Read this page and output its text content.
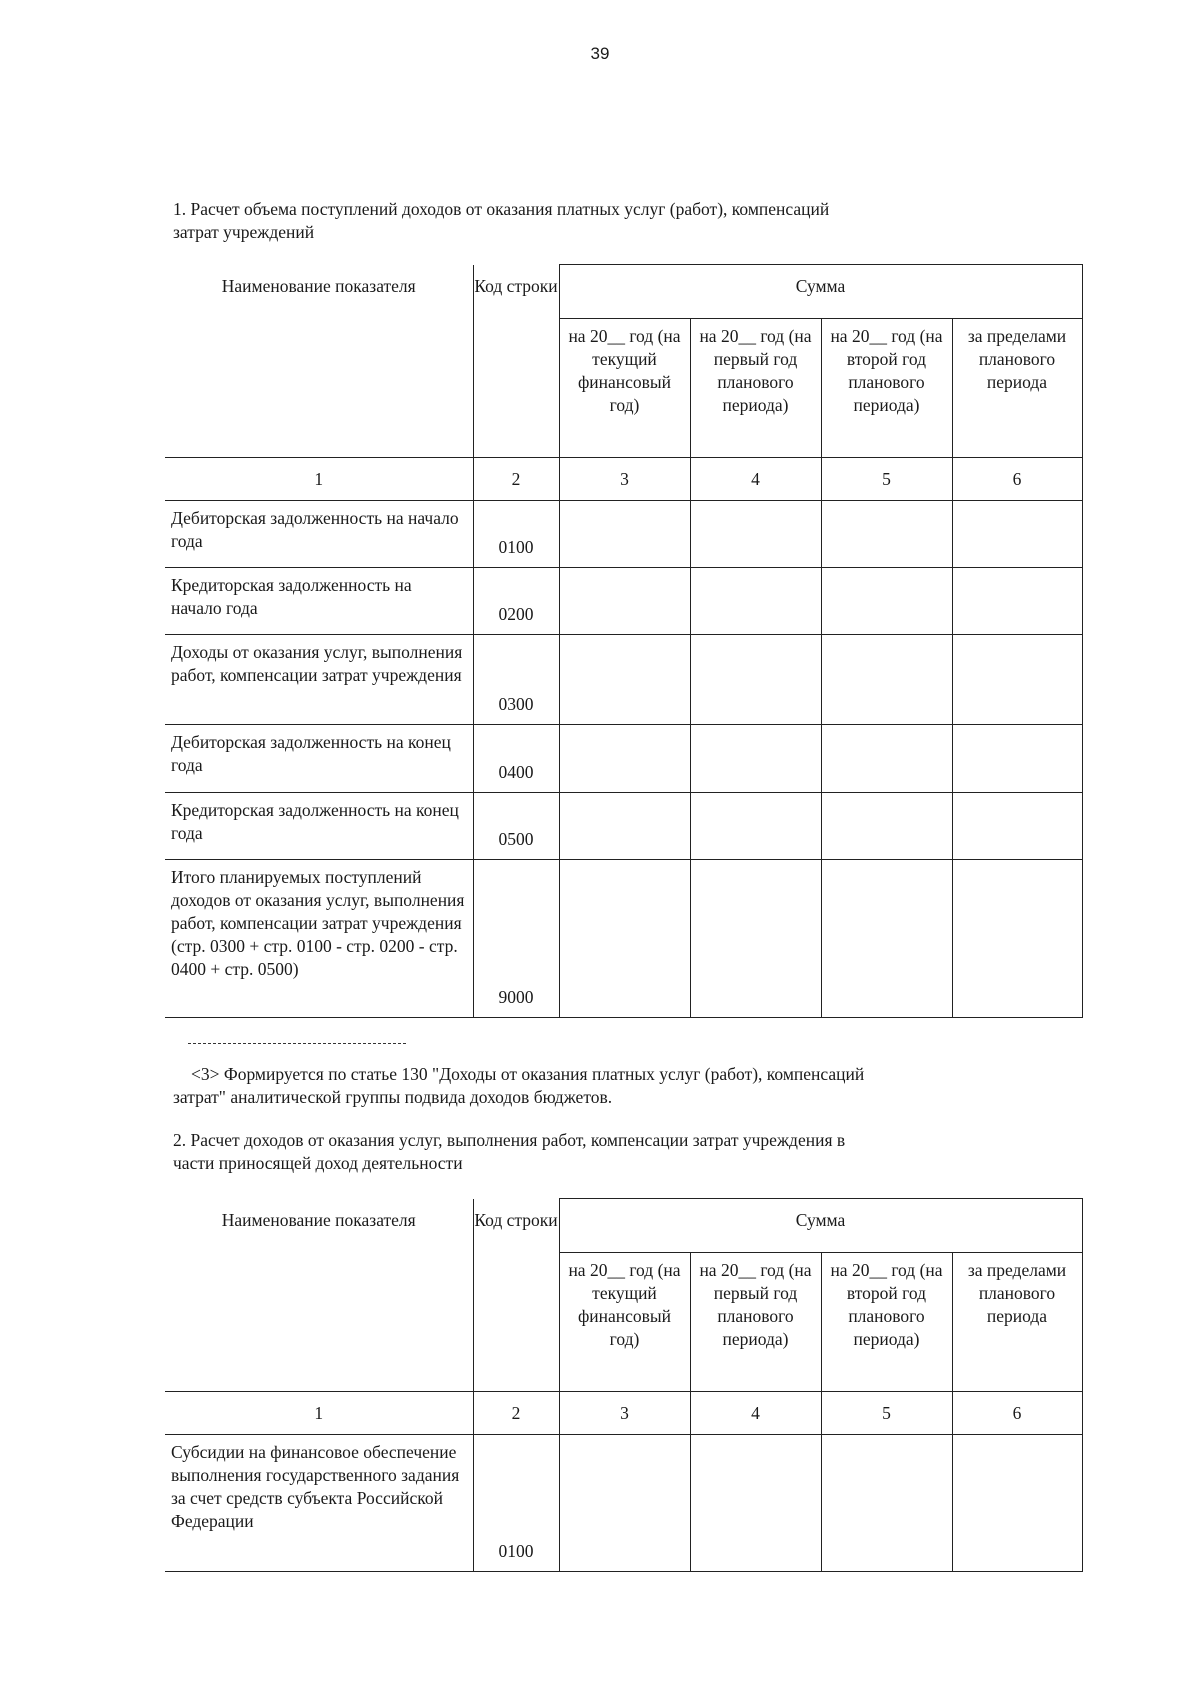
39
1. Расчет объема поступлений доходов от оказания платных услуг (работ), компенсаций затрат учреждений
Наименование показателя	Код строки	Сумма			
		на 20__ год (на текущий финансовый год)	на 20__ год (на первый год планового периода)	на 20__ год (на второй год планового периода)	за пределами планового периода
1	2	3	4	5	6
Дебиторская задолженность на начало года	0100				
Кредиторская задолженность на начало года	0200				
Доходы от оказания услуг, выполнения работ, компенсации затрат учреждения	0300				
Дебиторская задолженность на конец года	0400				
Кредиторская задолженность на конец года	0500				
Итого планируемых поступлений доходов от оказания услуг, выполнения работ, компенсации затрат учреждения (стр. 0300 + стр. 0100 - стр. 0200 - стр. 0400 + стр. 0500)	9000				
<3> Формируется по статье 130 "Доходы от оказания платных услуг (работ), компенсаций затрат" аналитической группы подвида доходов бюджетов.
2. Расчет доходов от оказания услуг, выполнения работ, компенсации затрат учреждения в части приносящей доход деятельности
Наименование показателя	Код строки	Сумма			
		на 20__ год (на текущий финансовый год)	на 20__ год (на первый год планового периода)	на 20__ год (на второй год планового периода)	за пределами планового периода
1	2	3	4	5	6
Субсидии на финансовое обеспечение выполнения государственного задания за счет средств субъекта Российской Федерации	0100				
